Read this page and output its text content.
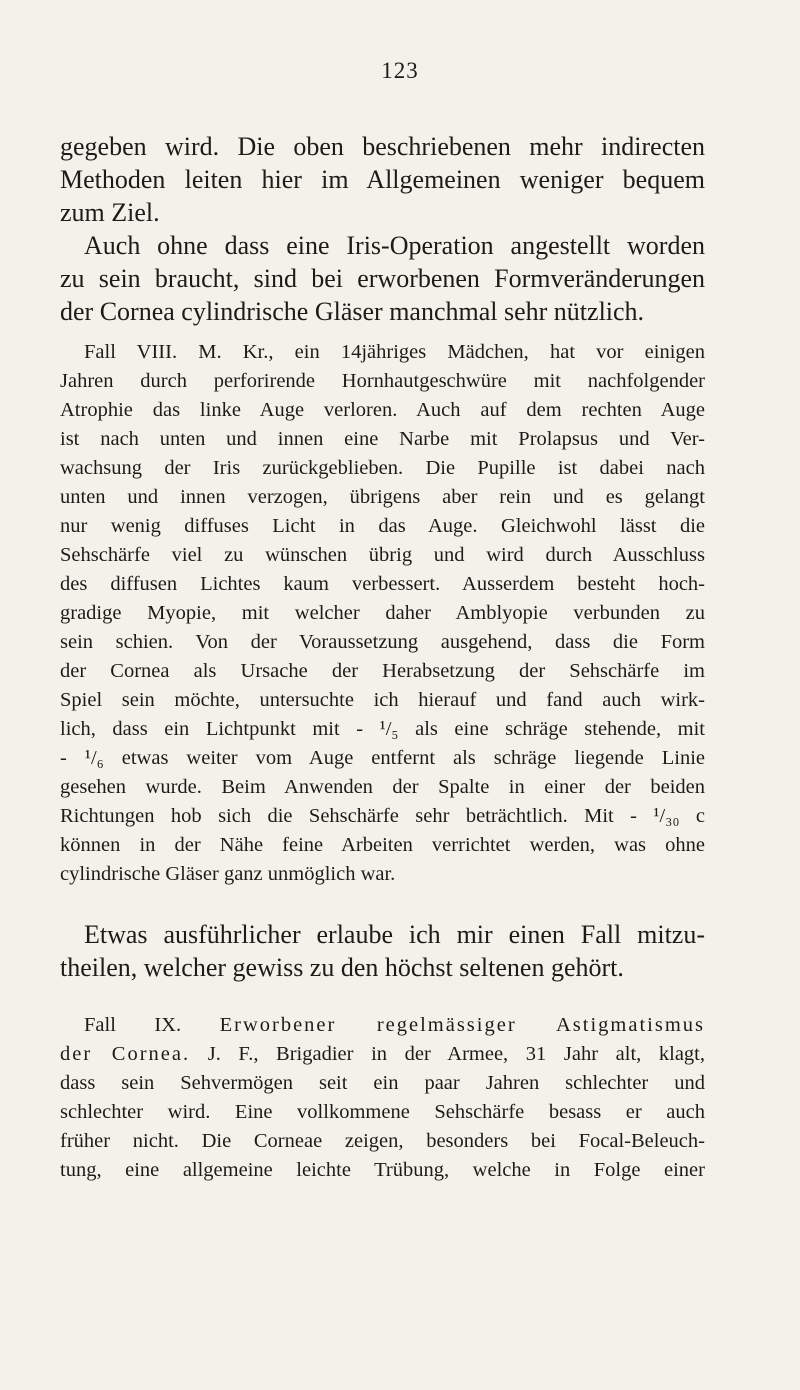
123
gegeben wird. Die oben beschriebenen mehr indirecten
Methoden leiten hier im Allgemeinen weniger bequem
zum Ziel.
Auch ohne dass eine Iris-Operation angestellt worden
zu sein braucht, sind bei erworbenen Formveränderungen
der Cornea cylindrische Gläser manchmal sehr nützlich.
Fall VIII. M. Kr., ein 14jähriges Mädchen, hat vor einigen
Jahren durch perforirende Hornhautgeschwüre mit nachfolgender
Atrophie das linke Auge verloren. Auch auf dem rechten Auge
ist nach unten und innen eine Narbe mit Prolapsus und Ver-
wachsung der Iris zurückgeblieben. Die Pupille ist dabei nach
unten und innen verzogen, übrigens aber rein und es gelangt
nur wenig diffuses Licht in das Auge. Gleichwohl lässt die
Sehschärfe viel zu wünschen übrig und wird durch Ausschluss
des diffusen Lichtes kaum verbessert. Ausserdem besteht hoch-
gradige Myopie, mit welcher daher Amblyopie verbunden zu
sein schien. Von der Voraussetzung ausgehend, dass die Form
der Cornea als Ursache der Herabsetzung der Sehschärfe im
Spiel sein möchte, untersuchte ich hierauf und fand auch wirk-
lich, dass ein Lichtpunkt mit - ¹/₅ als eine schräge stehende, mit
- ¹/₆ etwas weiter vom Auge entfernt als schräge liegende Linie
gesehen wurde. Beim Anwenden der Spalte in einer der beiden
Richtungen hob sich die Sehschärfe sehr beträchtlich. Mit - ¹/₃₀ c
können in der Nähe feine Arbeiten verrichtet werden, was ohne
cylindrische Gläser ganz unmöglich war.
Etwas ausführlicher erlaube ich mir einen Fall mitzu-
theilen, welcher gewiss zu den höchst seltenen gehört.
Fall IX. Erworbener regelmässiger Astigmatismus
der Cornea. J. F., Brigadier in der Armee, 31 Jahr alt, klagt,
dass sein Sehvermögen seit ein paar Jahren schlechter und
schlechter wird. Eine vollkommene Sehschärfe besass er auch
früher nicht. Die Corneae zeigen, besonders bei Focal-Beleuch-
tung, eine allgemeine leichte Trübung, welche in Folge einer
